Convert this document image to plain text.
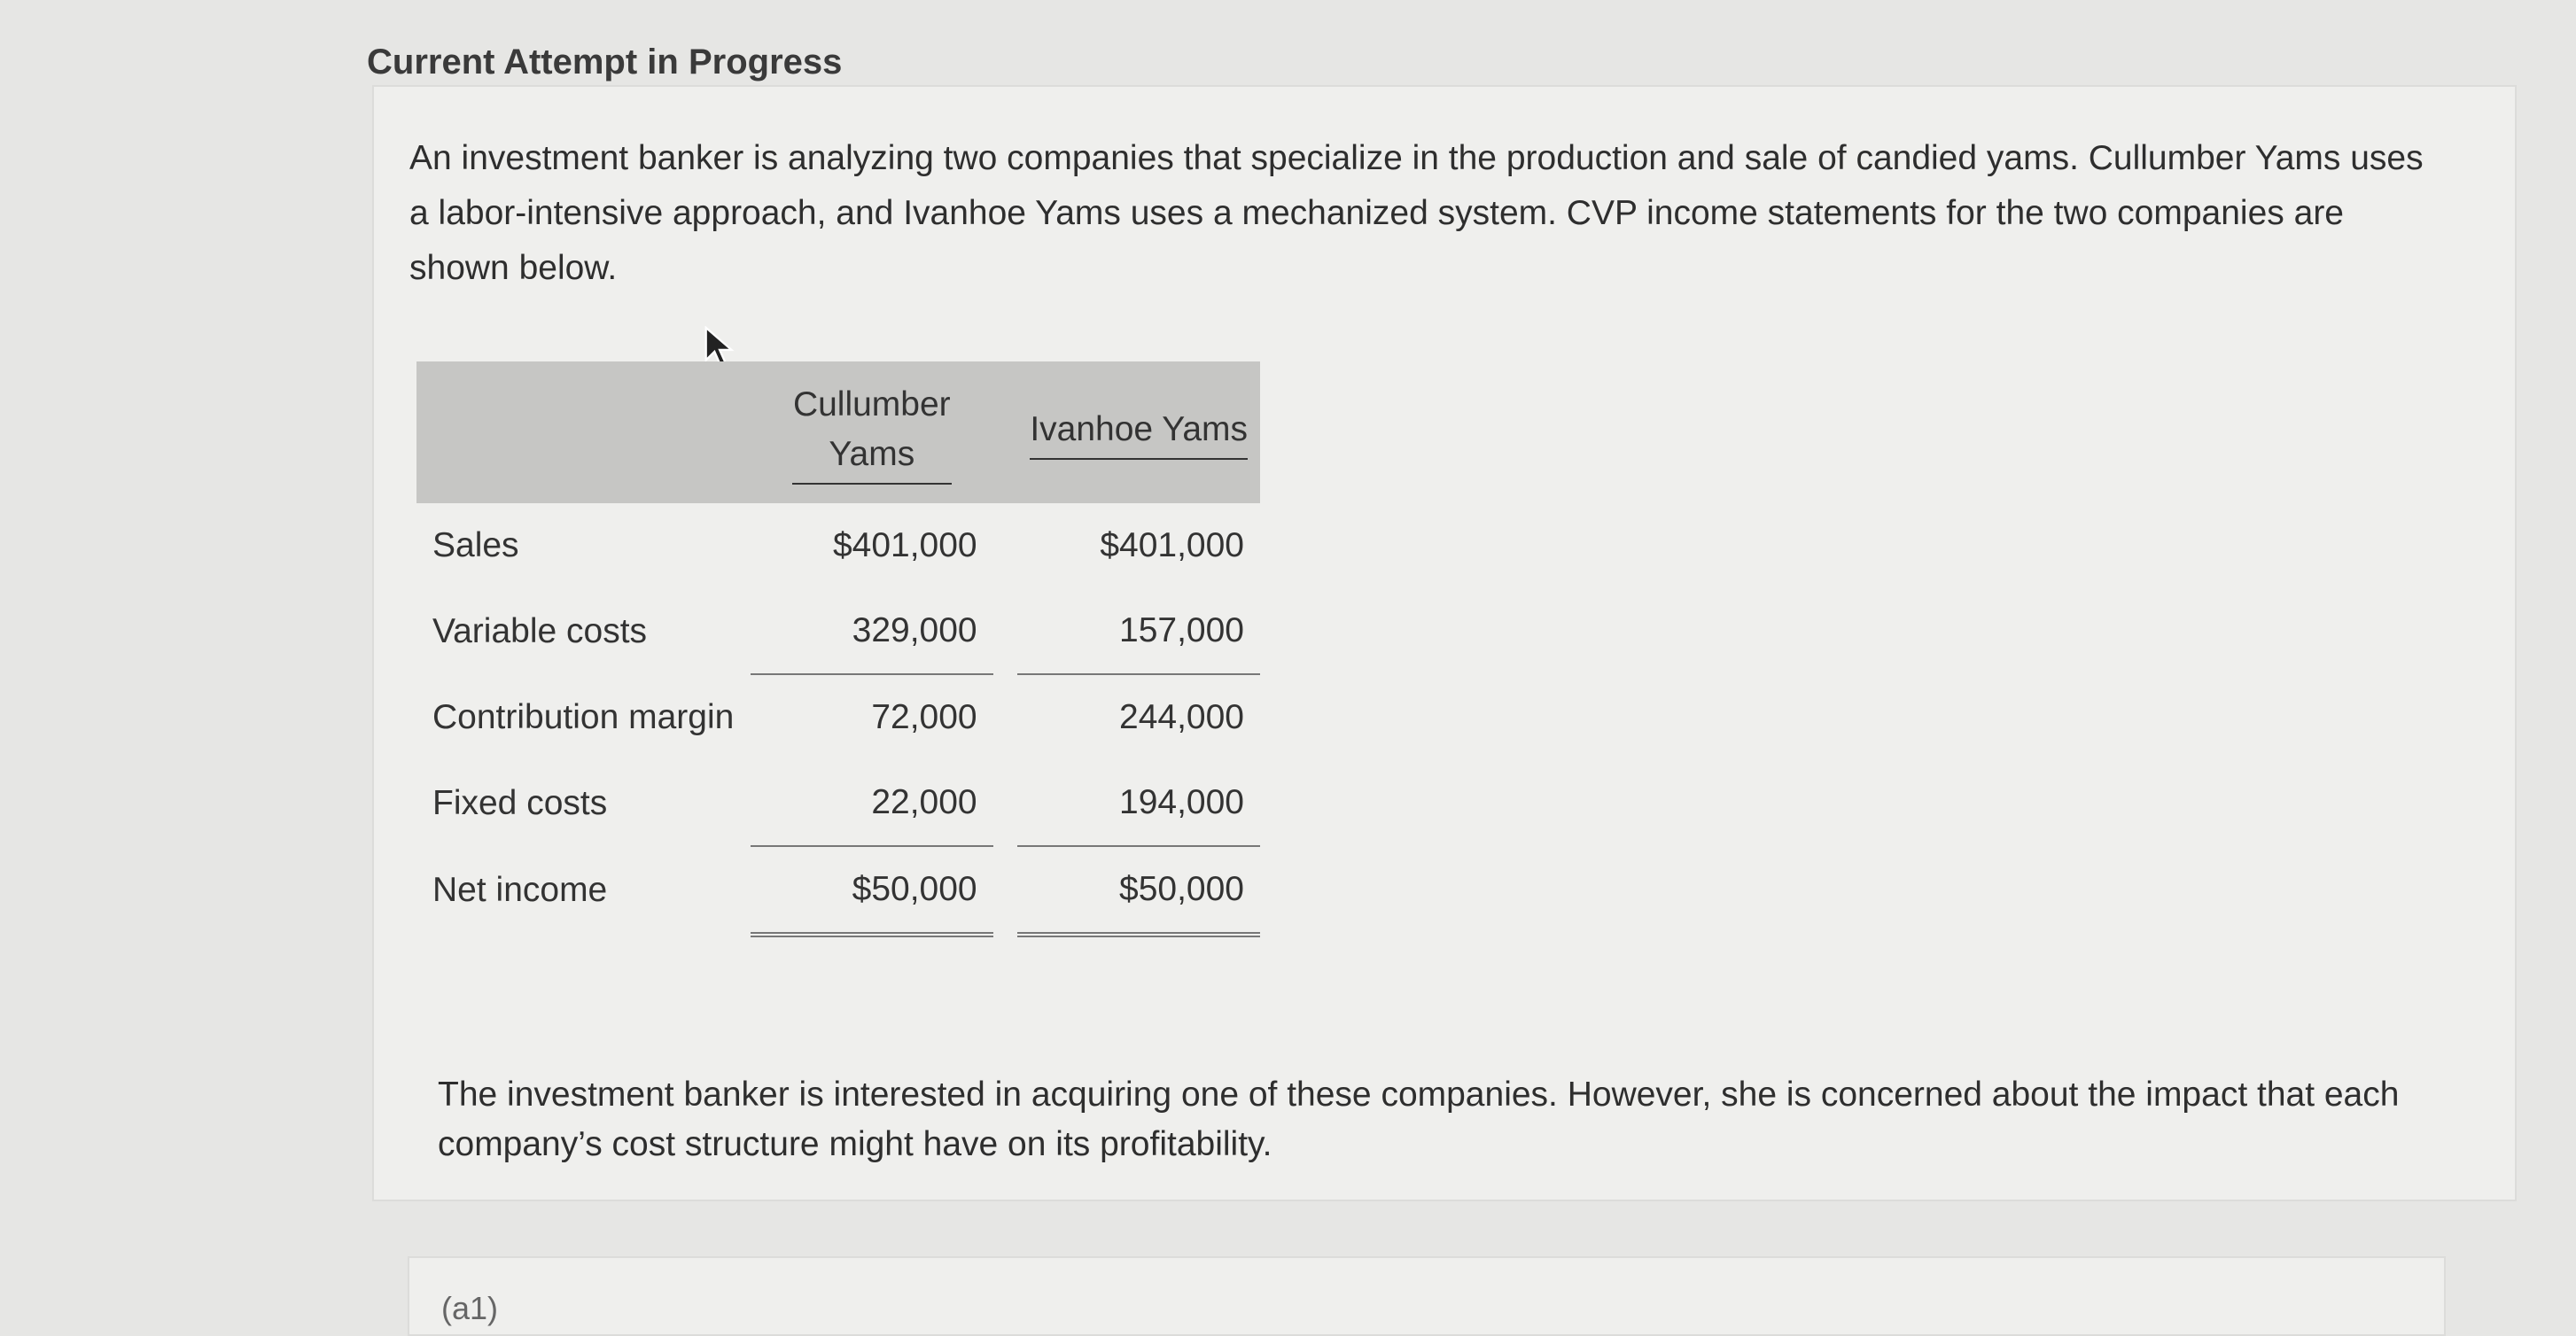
Current Attempt in Progress
An investment banker is analyzing two companies that specialize in the production and sale of candied yams. Cullumber Yams uses a labor-intensive approach, and Ivanhoe Yams uses a mechanized system. CVP income statements for the two companies are shown below.
	Cullumber Yams		Ivanhoe Yams
Sales	$401,000		$401,000
Variable costs	329,000		157,000
Contribution margin	72,000		244,000
Fixed costs	22,000		194,000
Net income	$50,000		$50,000
The investment banker is interested in acquiring one of these companies. However, she is concerned about the impact that each company’s cost structure might have on its profitability.
(a1)
